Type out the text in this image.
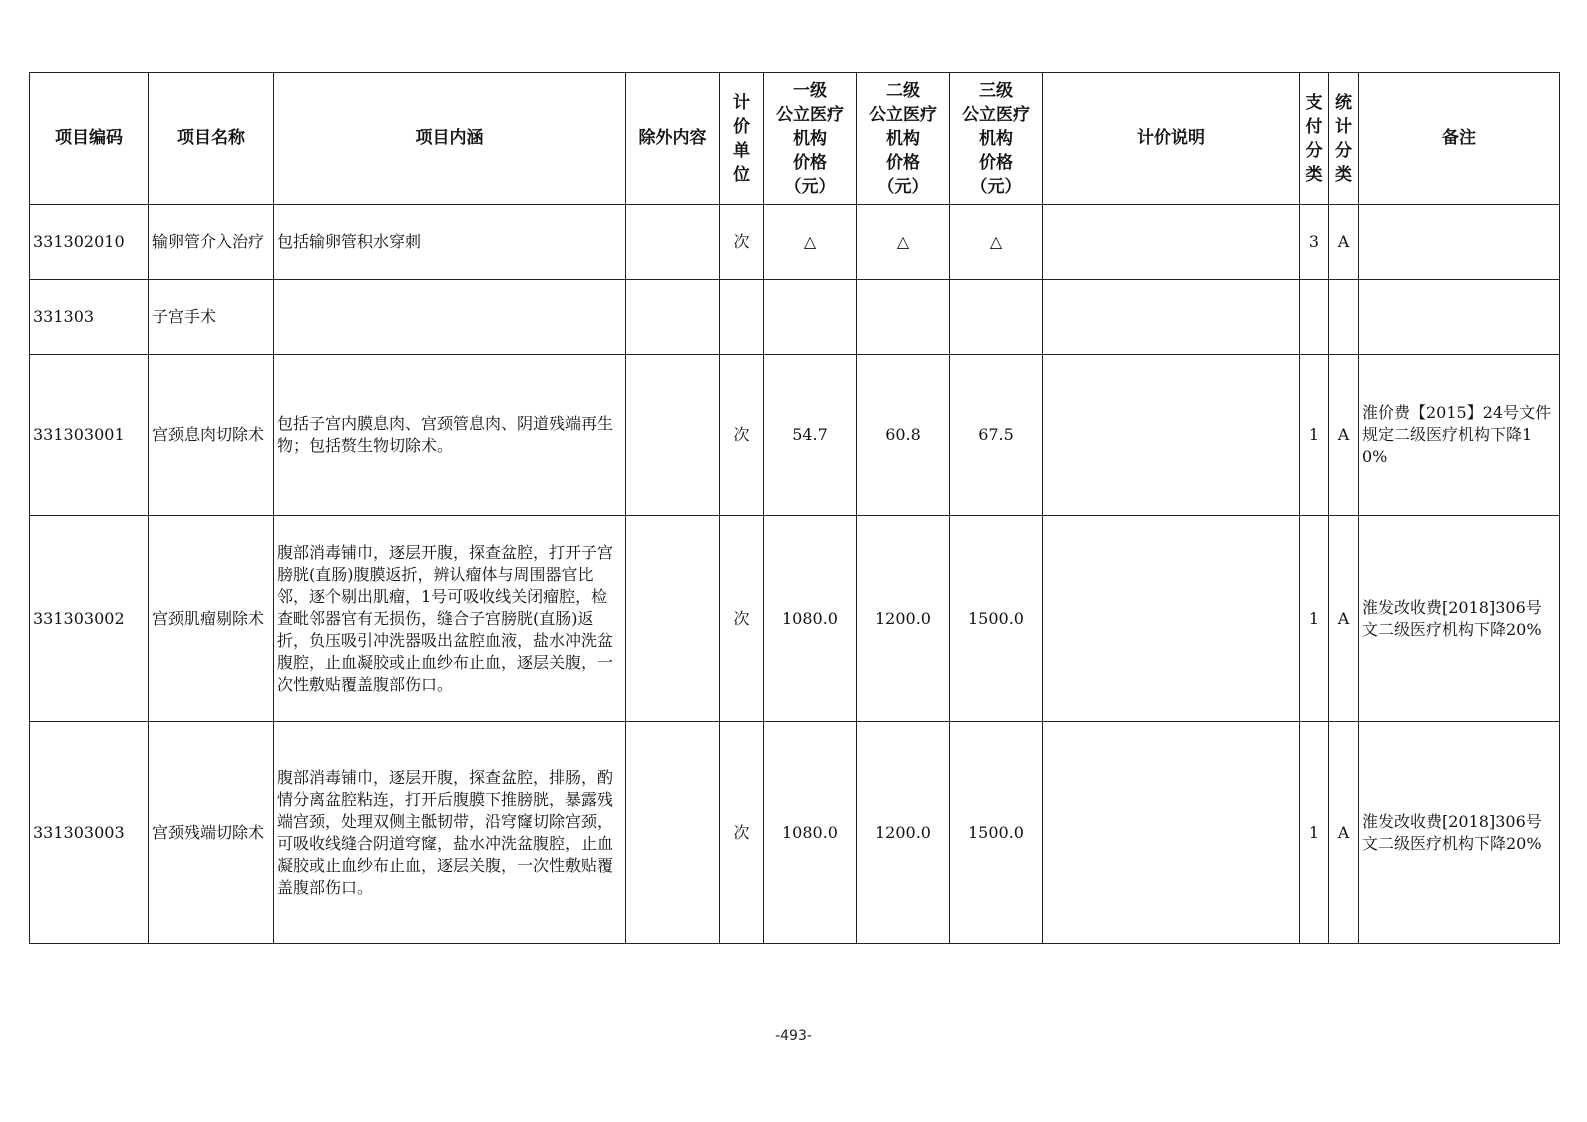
项目编码	项目名称	项目内涵	除外内容	计
价
单
位	一级
公立医疗
机构
价格
（元）	二级
公立医疗
机构
价格
（元）	三级
公立医疗
机构
价格
（元）	计价说明	支
付
分
类	统
计
分
类	备注
331302010	输卵管介入治疗	包括输卵管积水穿刺		次	△	△	△		3	A	
331303	子宫手术										
331303001	宫颈息肉切除术	包括子宫内膜息肉、宫颈管息肉、阴道残端再生物；包括赘生物切除术。		次	54.7	60.8	67.5		1	A	淮价费【2015】24号文件规定二级医疗机构下降10%
331303002	宫颈肌瘤剔除术	腹部消毒铺巾，逐层开腹，探查盆腔，打开子宫膀胱(直肠)腹膜返折，辨认瘤体与周围器官比邻，逐个剔出肌瘤，1号可吸收线关闭瘤腔，检查毗邻器官有无损伤，缝合子宫膀胱(直肠)返折，负压吸引冲洗器吸出盆腔血液，盐水冲洗盆腹腔，止血凝胶或止血纱布止血，逐层关腹，一次性敷贴覆盖腹部伤口。		次	1080.0	1200.0	1500.0		1	A	淮发改收费[2018]306号文二级医疗机构下降20%
331303003	宫颈残端切除术	腹部消毒铺巾，逐层开腹，探查盆腔，排肠，酌情分离盆腔粘连，打开后腹膜下推膀胱，暴露残端宫颈，处理双侧主骶韧带，沿穹窿切除宫颈，可吸收线缝合阴道穹窿，盐水冲洗盆腹腔，止血凝胶或止血纱布止血，逐层关腹，一次性敷贴覆盖腹部伤口。		次	1080.0	1200.0	1500.0		1	A	淮发改收费[2018]306号文二级医疗机构下降20%
-493-
